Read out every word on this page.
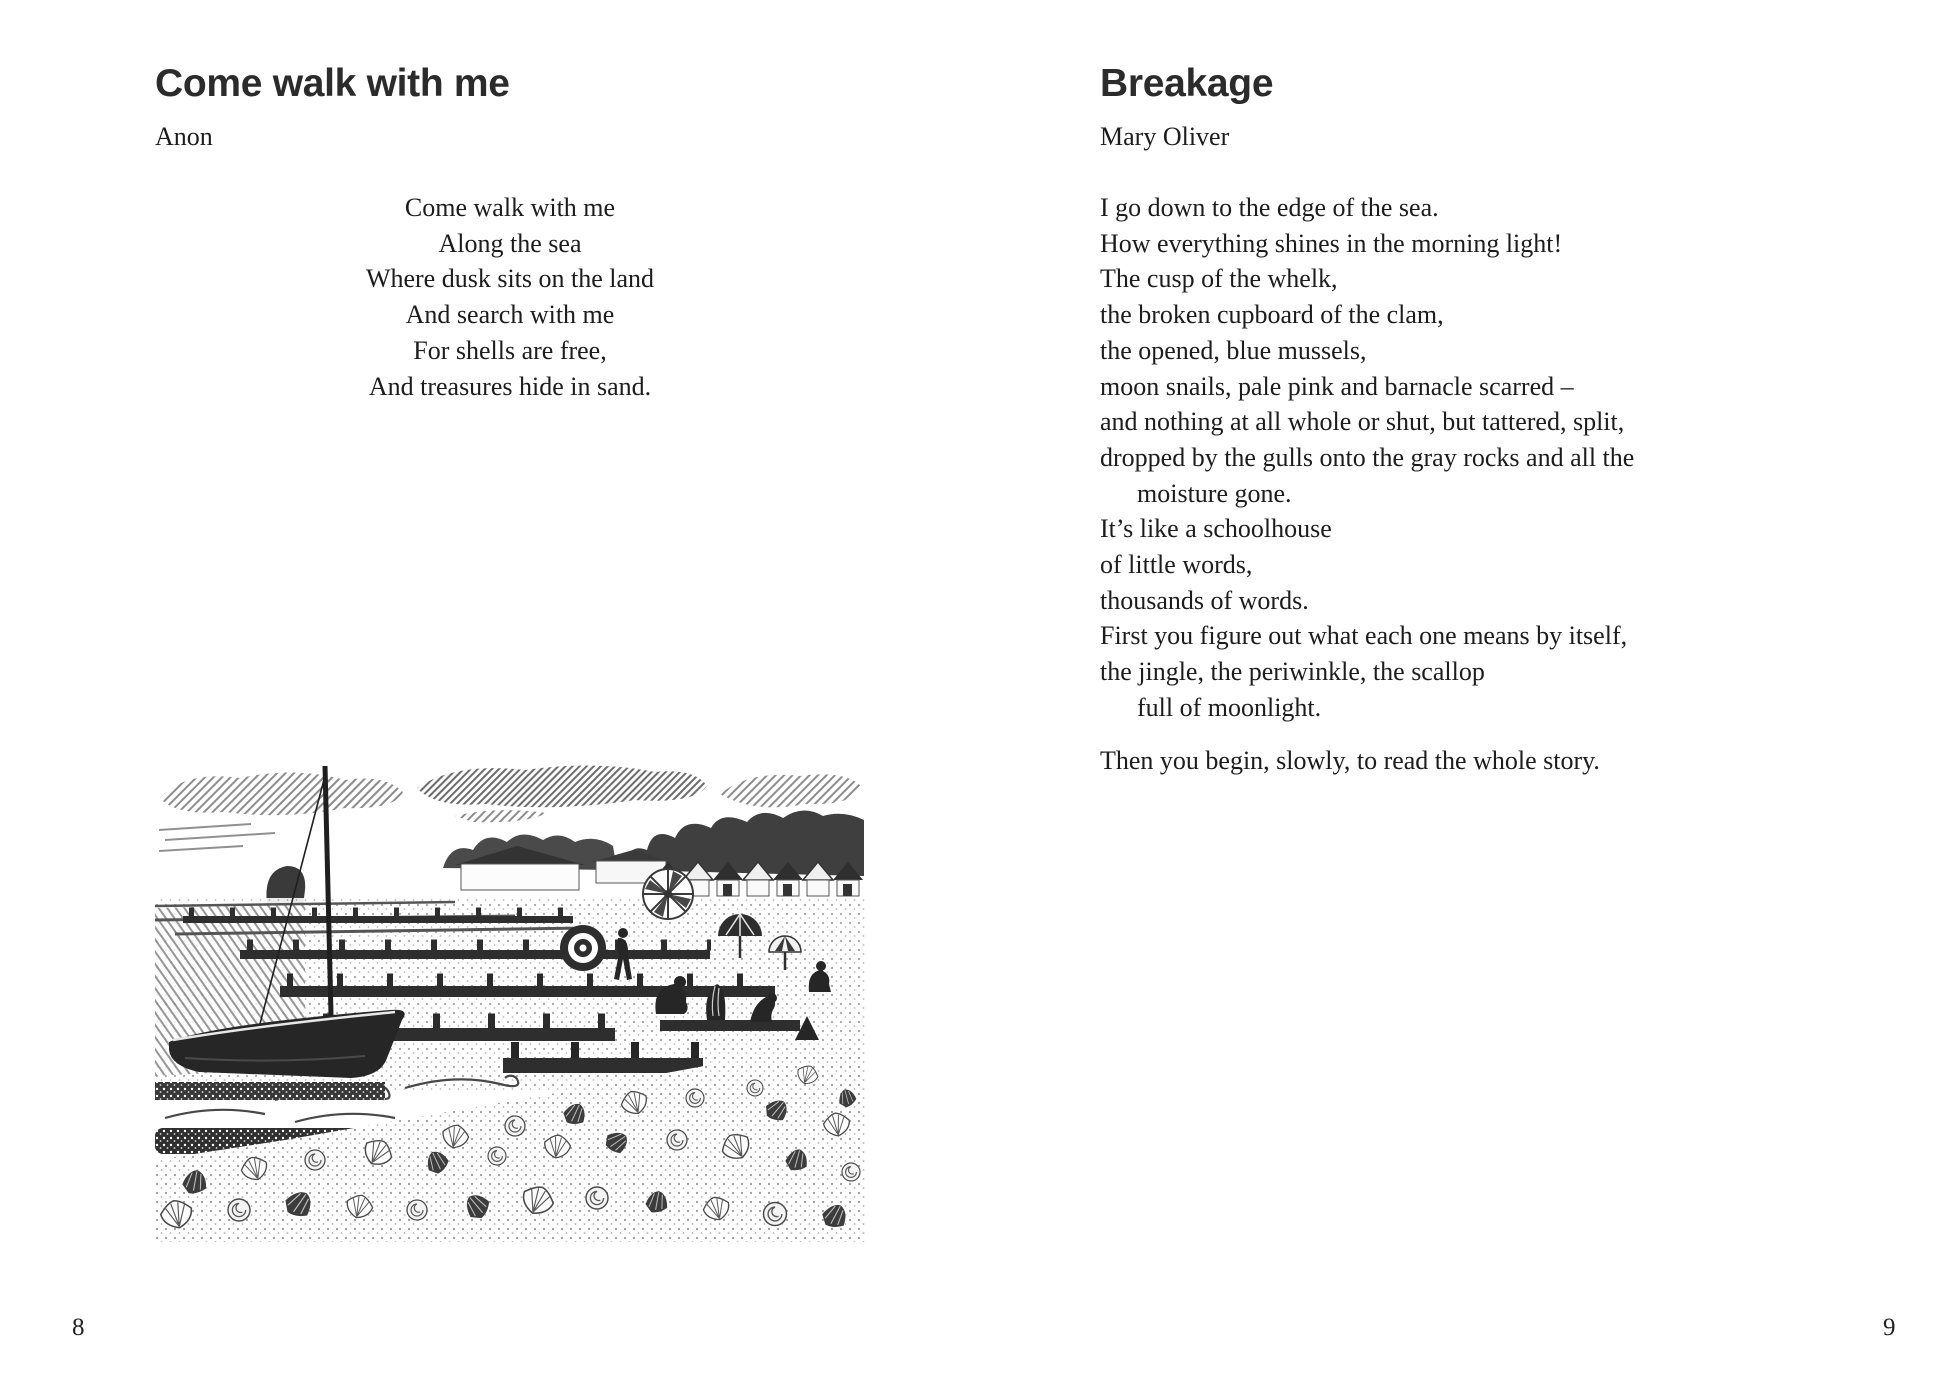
Come walk with me
Anon
Come walk with me
Along the sea
Where dusk sits on the land
And search with me
For shells are free,
And treasures hide in sand.
8
Breakage
Mary Oliver
I go down to the edge of the sea.
How everything shines in the morning light!
The cusp of the whelk,
the broken cupboard of the clam,
the opened, blue mussels,
moon snails, pale pink and barnacle scarred –
and nothing at all whole or shut, but tattered, split,
dropped by the gulls onto the gray rocks and all the
moisture gone.
It’s like a schoolhouse
of little words,
thousands of words.
First you figure out what each one means by itself,
the jingle, the periwinkle, the scallop
full of moonlight.
Then you begin, slowly, to read the whole story.
9
